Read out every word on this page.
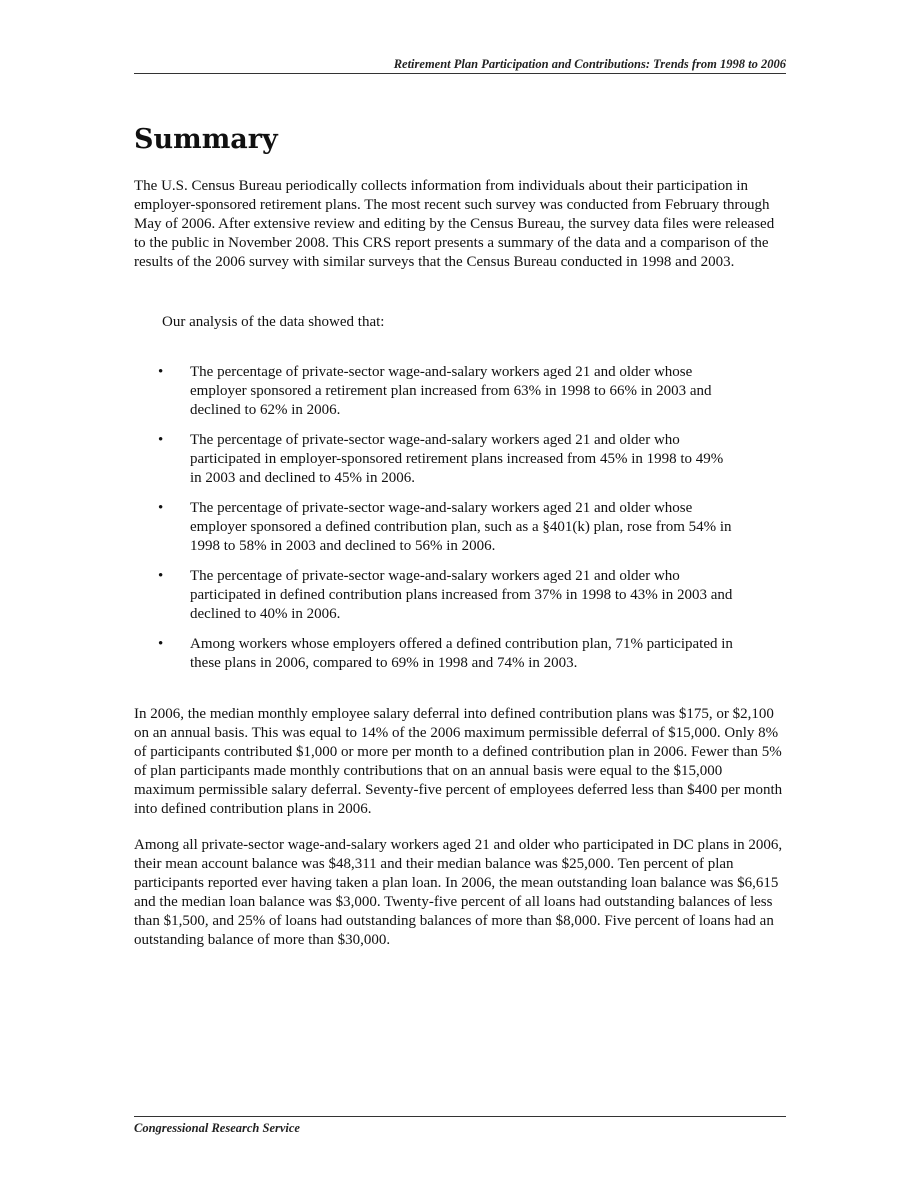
Retirement Plan Participation and Contributions: Trends from 1998 to 2006
Summary

The U.S. Census Bureau periodically collects information from individuals about their participation in employer-sponsored retirement plans. The most recent such survey was conducted from February through May of 2006. After extensive review and editing by the Census Bureau, the survey data files were released to the public in November 2008. This CRS report presents a summary of the data and a comparison of the results of the 2006 survey with similar surveys that the Census Bureau conducted in 1998 and 2003.

Our analysis of the data showed that:

• The percentage of private-sector wage-and-salary workers aged 21 and older whose employer sponsored a retirement plan increased from 63% in 1998 to 66% in 2003 and declined to 62% in 2006.
• The percentage of private-sector wage-and-salary workers aged 21 and older who participated in employer-sponsored retirement plans increased from 45% in 1998 to 49% in 2003 and declined to 45% in 2006.
• The percentage of private-sector wage-and-salary workers aged 21 and older whose employer sponsored a defined contribution plan, such as a §401(k) plan, rose from 54% in 1998 to 58% in 2003 and declined to 56% in 2006.
• The percentage of private-sector wage-and-salary workers aged 21 and older who participated in defined contribution plans increased from 37% in 1998 to 43% in 2003 and declined to 40% in 2006.
• Among workers whose employers offered a defined contribution plan, 71% participated in these plans in 2006, compared to 69% in 1998 and 74% in 2003.

In 2006, the median monthly employee salary deferral into defined contribution plans was $175, or $2,100 on an annual basis. This was equal to 14% of the 2006 maximum permissible deferral of $15,000. Only 8% of participants contributed $1,000 or more per month to a defined contribution plan in 2006. Fewer than 5% of plan participants made monthly contributions that on an annual basis were equal to the $15,000 maximum permissible salary deferral. Seventy-five percent of employees deferred less than $400 per month into defined contribution plans in 2006.

Among all private-sector wage-and-salary workers aged 21 and older who participated in DC plans in 2006, their mean account balance was $48,311 and their median balance was $25,000. Ten percent of plan participants reported ever having taken a plan loan. In 2006, the mean outstanding loan balance was $6,615 and the median loan balance was $3,000. Twenty-five percent of all loans had outstanding balances of less than $1,500, and 25% of loans had outstanding balances of more than $8,000. Five percent of loans had an outstanding balance of more than $30,000.

Congressional Research Service
